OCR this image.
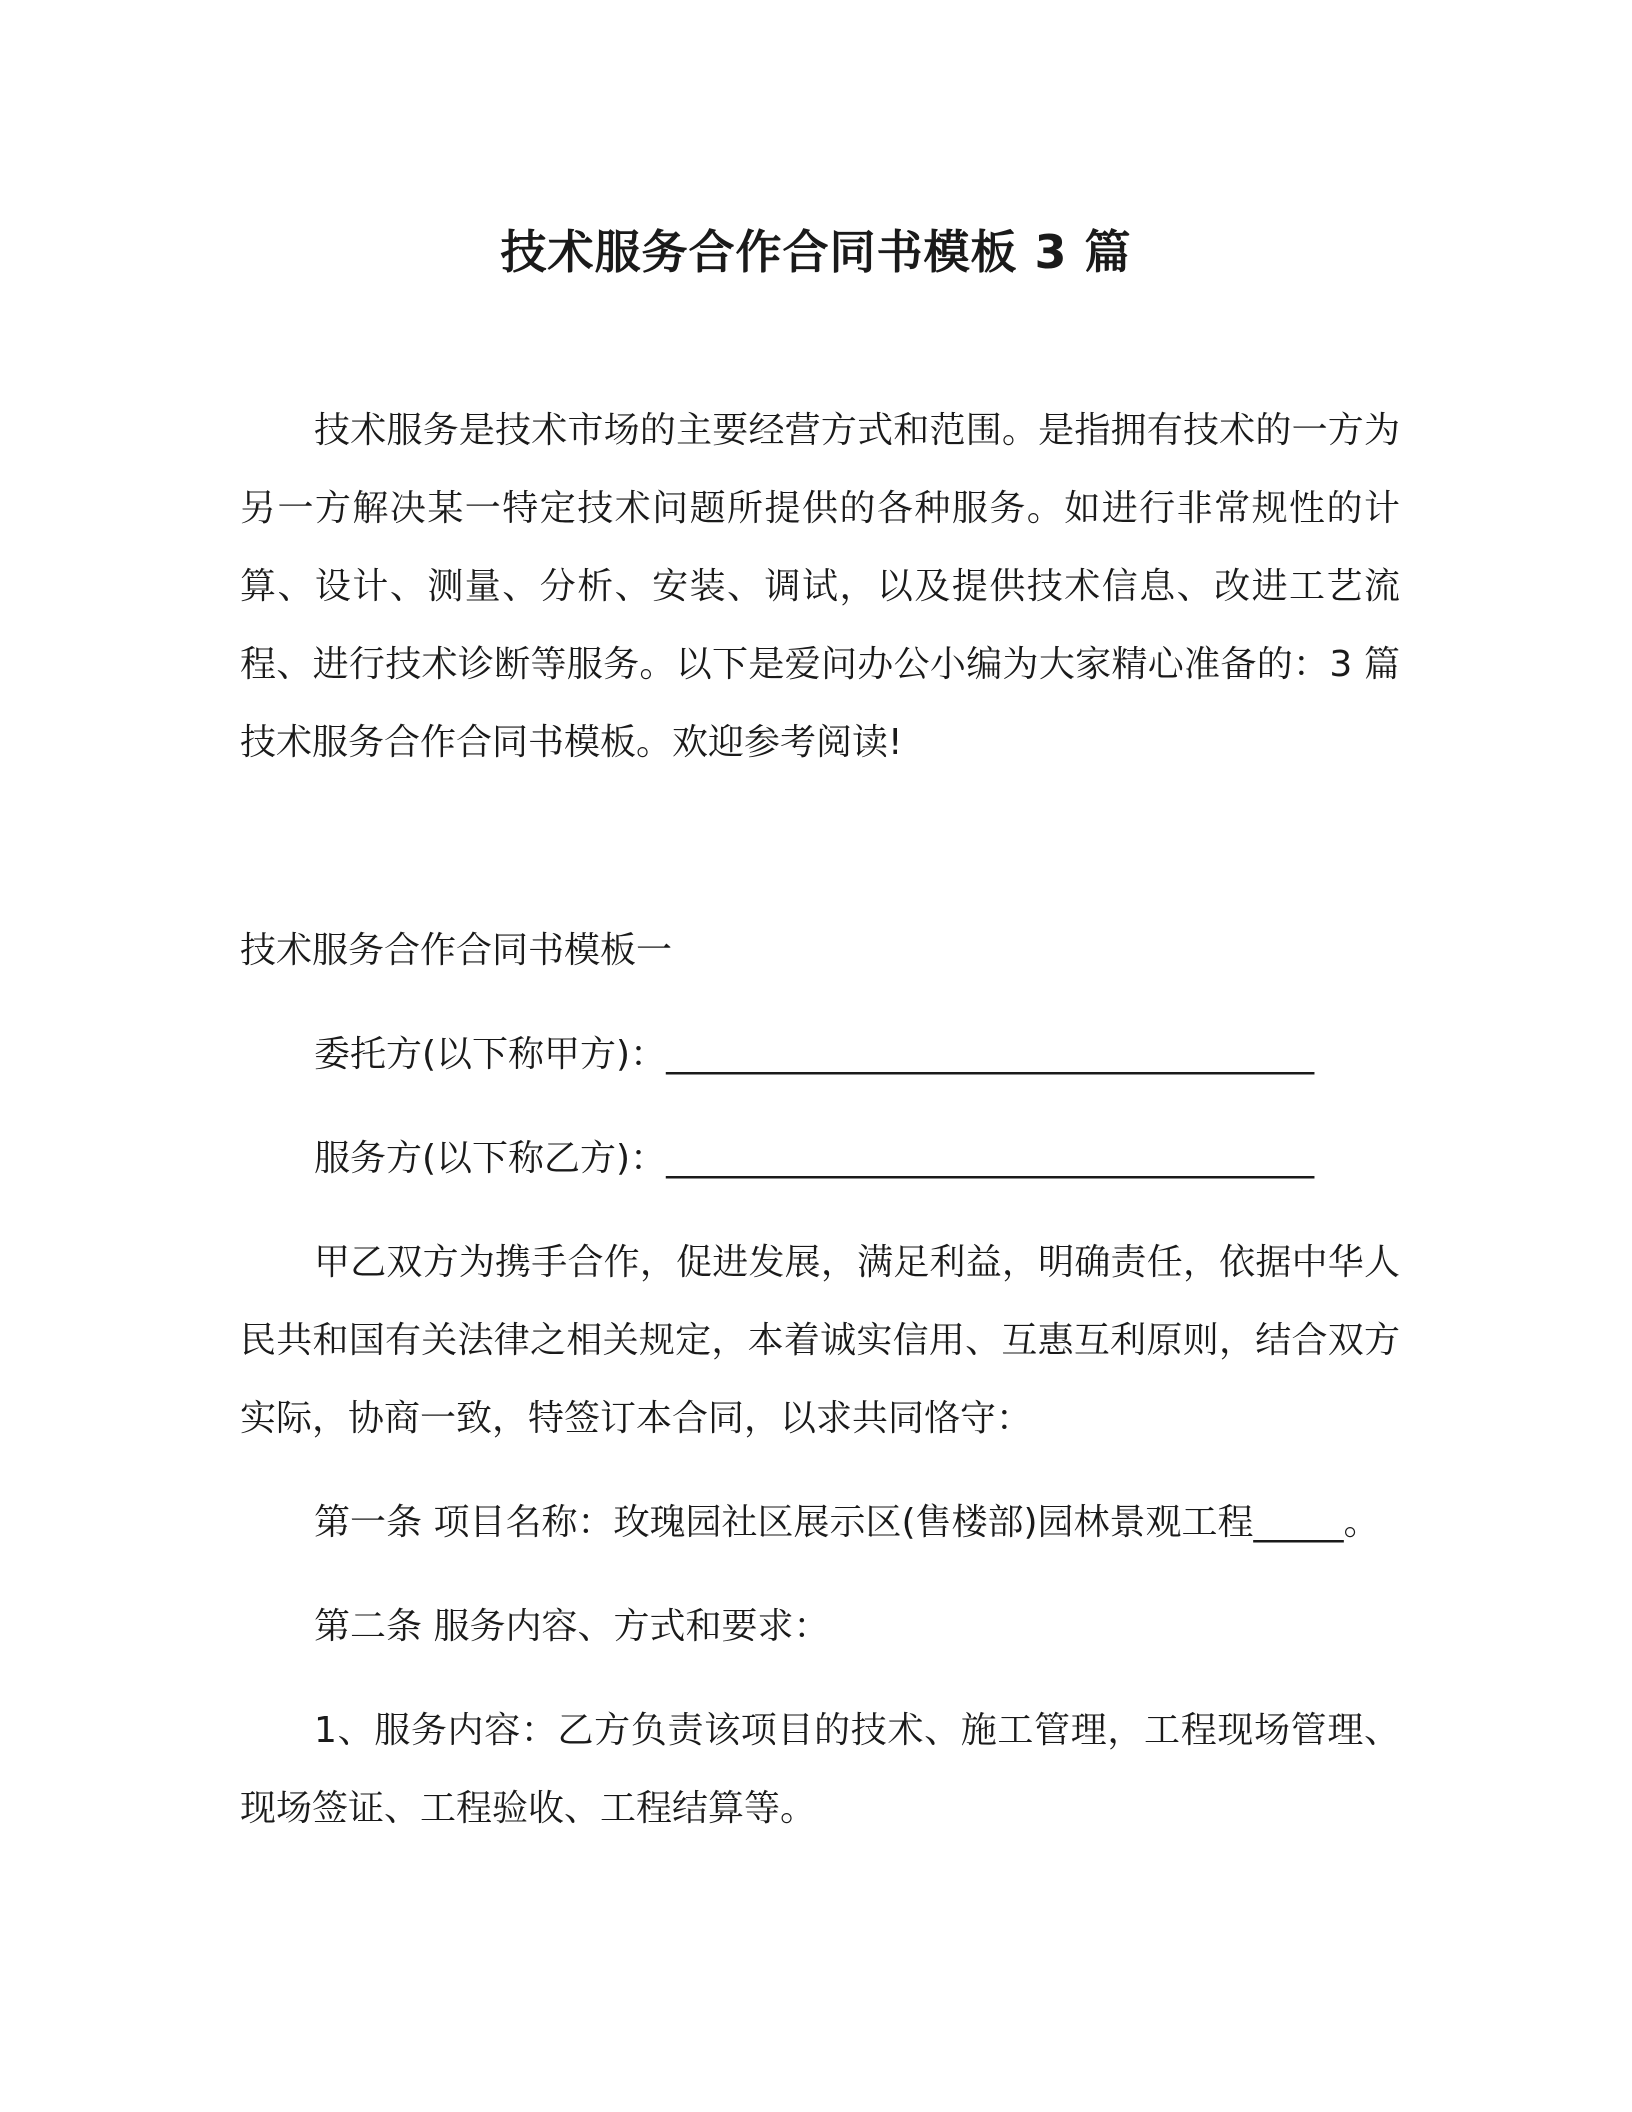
技术服务合作合同书模板 3 篇

技术服务是技术市场的主要经营方式和范围。是指拥有技术的一方为另一方解决某一特定技术问题所提供的各种服务。如进行非常规性的计算、设计、测量、分析、安装、调试，以及提供技术信息、改进工艺流程、进行技术诊断等服务。以下是爱问办公小编为大家精心准备的：3 篇技术服务合作合同书模板。欢迎参考阅读!

技术服务合作合同书模板一

委托方(以下称甲方)：____________________________________

服务方(以下称乙方)：____________________________________

甲乙双方为携手合作，促进发展，满足利益，明确责任，依据中华人民共和国有关法律之相关规定，本着诚实信用、互惠互利原则，结合双方实际，协商一致，特签订本合同，以求共同恪守：

第一条 项目名称：玫瑰园社区展示区(售楼部)园林景观工程_____。

第二条 服务内容、方式和要求：

1、服务内容：乙方负责该项目的技术、施工管理，工程现场管理、现场签证、工程验收、工程结算等。
